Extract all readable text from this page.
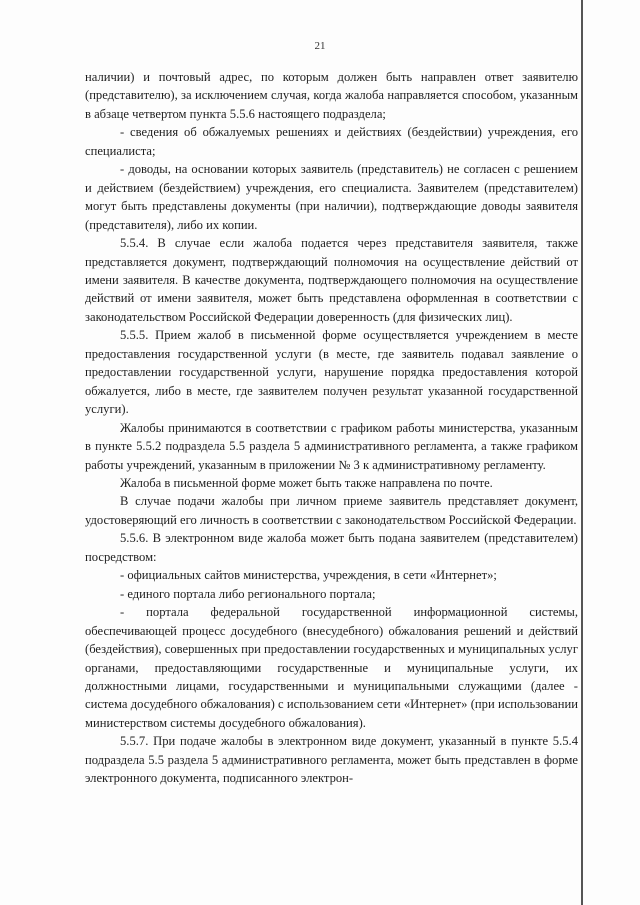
21

наличии) и почтовый адрес, по которым должен быть направлен ответ заявителю (представителю), за исключением случая, когда жалоба направляется способом, указанным в абзаце четвертом пункта 5.5.6 настоящего подраздела;

- сведения об обжалуемых решениях и действиях (бездействии) учреждения, его специалиста;

- доводы, на основании которых заявитель (представитель) не согласен с решением и действием (бездействием) учреждения, его специалиста. Заявителем (представителем) могут быть представлены документы (при наличии), подтверждающие доводы заявителя (представителя), либо их копии.

5.5.4. В случае если жалоба подается через представителя заявителя, также представляется документ, подтверждающий полномочия на осуществление действий от имени заявителя. В качестве документа, подтверждающего полномочия на осуществление действий от имени заявителя, может быть представлена оформленная в соответствии с законодательством Российской Федерации доверенность (для физических лиц).

5.5.5. Прием жалоб в письменной форме осуществляется учреждением в месте предоставления государственной услуги (в месте, где заявитель подавал заявление о предоставлении государственной услуги, нарушение порядка предоставления которой обжалуется, либо в месте, где заявителем получен результат указанной государственной услуги).

Жалобы принимаются в соответствии с графиком работы министерства, указанным в пункте 5.5.2 подраздела 5.5 раздела 5 административного регламента, а также графиком работы учреждений, указанным в приложении № 3 к административному регламенту.

Жалоба в письменной форме может быть также направлена по почте.

В случае подачи жалобы при личном приеме заявитель представляет документ, удостоверяющий его личность в соответствии с законодательством Российской Федерации.

5.5.6. В электронном виде жалоба может быть подана заявителем (представителем) посредством:

- официальных сайтов министерства, учреждения, в сети «Интернет»;

- единого портала либо регионального портала;

- портала федеральной государственной информационной системы, обеспечивающей процесс досудебного (внесудебного) обжалования решений и действий (бездействия), совершенных при предоставлении государственных и муниципальных услуг органами, предоставляющими государственные и муниципальные услуги, их должностными лицами, государственными и муниципальными служащими (далее - система досудебного обжалования) с использованием сети «Интернет» (при использовании министерством системы досудебного обжалования).

5.5.7. При подаче жалобы в электронном виде документ, указанный в пункте 5.5.4 подраздела 5.5 раздела 5 административного регламента, может быть представлен в форме электронного документа, подписанного электрон-
